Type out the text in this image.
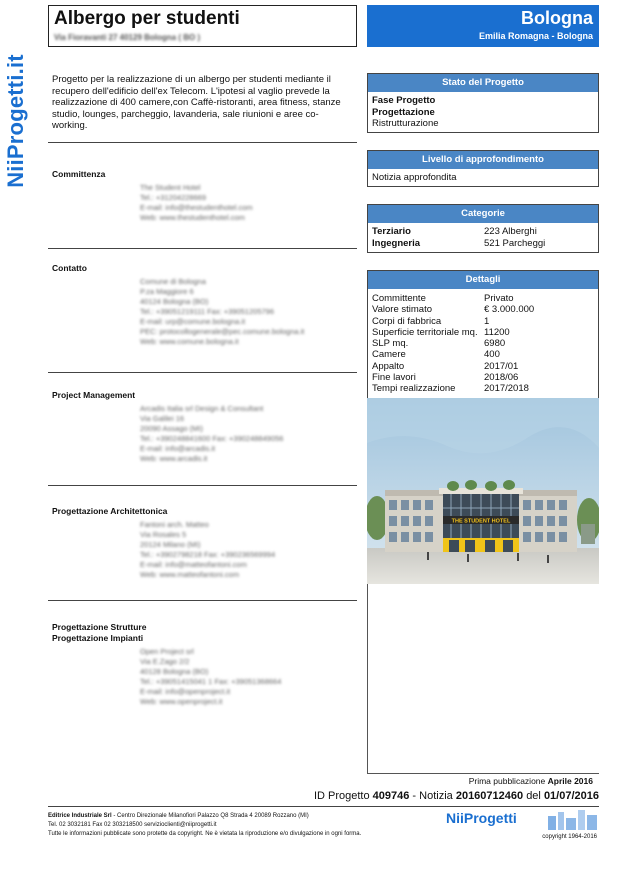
NiiProgetti.it
Albergo per studenti
Via Fioravanti 27 40129 Bologna ( BO )
Bologna
Emilia Romagna - Bologna
Progetto per la realizzazione di un albergo per studenti mediante il recupero dell'edificio dell'ex Telecom. L'ipotesi al vaglio prevede la realizzazione di 400 camere,con Caffè-ristoranti, area fitness, stanze studio, lounges, parcheggio, lavanderia, sale riunioni e aree co-working.
Committenza
The Student Hotel
Tel.: +31204228669
E-mail: info@thestudenthotel.com
Web: www.thestudenthotel.com
Contatto
Comune di Bologna
P.za Maggiore 6
40124 Bologna (BO)
Tel.: +39051219111 Fax: +39051205796
E-mail: urp@comune.bologna.it
PEC: protocollogenerale@pec.comune.bologna.it
Web: www.comune.bologna.it
Project Management
Arcadis Italia srl Design & Consultant
Via Galilei 16
20090 Assago (MI)
Tel.: +390248841600 Fax: +390248849056
E-mail: info@arcadis.it
Web: www.arcadis.it
Progettazione Architettonica
Fantoni arch. Matteo
Via Rosales 5
20124 Milano (MI)
Tel.: +3902798218 Fax: +390236569994
E-mail: info@matteofantoni.com
Web: www.matteofantoni.com
Progettazione Strutture
Progettazione Impianti
Open Project srl
Via E.Zago 2/2
40128 Bologna (BO)
Tel.: +39051415041 1 Fax: +39051368664
E-mail: info@openproject.it
Web: www.openproject.it
Stato del Progetto
Fase Progetto
Progettazione
Ristrutturazione
Livello di approfondimento
Notizia approfondita
Categorie
Terziario	223 Alberghi
Ingegneria	521 Parcheggi
Dettagli
Committente	Privato
Valore stimato	€ 3.000.000
Corpi di fabbrica	1
Superficie territoriale mq. 11200
SLP mq.	6980
Camere	400
Appalto	2017/01
Fine lavori	2018/06
Tempi realizzazione	2017/2018
THE STUDENT HOTEL
Prima pubblicazione Aprile 2016
ID Progetto 409746 - Notizia 20160712460 del 01/07/2016
Editrice Industriale Srl - Centro Direzionale Milanofiori Palazzo Q8 Strada 4 20089 Rozzano (MI)
Tel. 02 3032181 Fax 02 303218500 servizioclienti@niiprogetti.it
Tutte le informazioni pubblicate sono protette da copyright. Ne è vietata la riproduzione e/o divulgazione in ogni forma.
NiiProgetti
copyright 1964-2016
